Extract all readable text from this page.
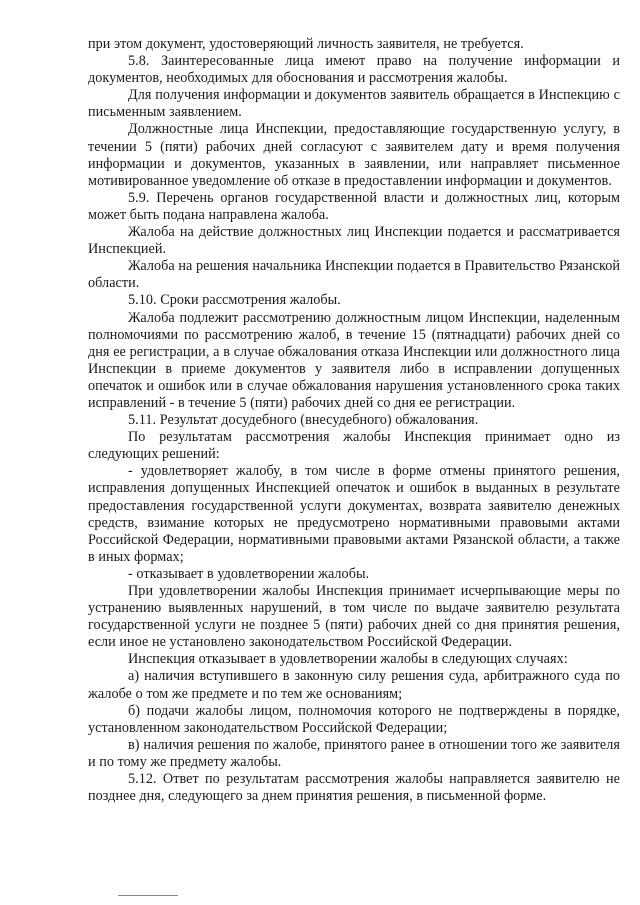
при этом документ, удостоверяющий личность заявителя, не требуется.

5.8. Заинтересованные лица имеют право на получение информации и документов, необходимых для обоснования и рассмотрения жалобы.

Для получения информации и документов заявитель обращается в Инспекцию с письменным заявлением.

Должностные лица Инспекции, предоставляющие государственную услугу, в течении 5 (пяти) рабочих дней согласуют с заявителем дату и время получения информации и документов, указанных в заявлении, или направляет письменное мотивированное уведомление об отказе в предоставлении информации и документов.

5.9. Перечень органов государственной власти и должностных лиц, которым может быть подана направлена жалоба.

Жалоба на действие должностных лиц Инспекции подается и рассматривается Инспекцией.

Жалоба на решения начальника Инспекции подается в Правительство Рязанской области.

5.10. Сроки рассмотрения жалобы.

Жалоба подлежит рассмотрению должностным лицом Инспекции, наделенным полномочиями по рассмотрению жалоб, в течение 15 (пятнадцати) рабочих дней со дня ее регистрации, а в случае обжалования отказа Инспекции или должностного лица Инспекции в приеме документов у заявителя либо в исправлении допущенных опечаток и ошибок или в случае обжалования нарушения установленного срока таких исправлений - в течение 5 (пяти) рабочих дней со дня ее регистрации.

5.11. Результат досудебного (внесудебного) обжалования.

По результатам рассмотрения жалобы Инспекция принимает одно из следующих решений:

- удовлетворяет жалобу, в том числе в форме отмены принятого решения, исправления допущенных Инспекцией опечаток и ошибок в выданных в результате предоставления государственной услуги документах, возврата заявителю денежных средств, взимание которых не предусмотрено нормативными правовыми актами Российской Федерации, нормативными правовыми актами Рязанской области, а также в иных формах;

- отказывает в удовлетворении жалобы.

При удовлетворении жалобы Инспекция принимает исчерпывающие меры по устранению выявленных нарушений, в том числе по выдаче заявителю результата государственной услуги не позднее 5 (пяти) рабочих дней со дня принятия решения, если иное не установлено законодательством Российской Федерации.

Инспекция отказывает в удовлетворении жалобы в следующих случаях:

а) наличия вступившего в законную силу решения суда, арбитражного суда по жалобе о том же предмете и по тем же основаниям;

б) подачи жалобы лицом, полномочия которого не подтверждены в порядке, установленном законодательством Российской Федерации;

в) наличия решения по жалобе, принятого ранее в отношении того же заявителя и по тому же предмету жалобы.

5.12. Ответ по результатам рассмотрения жалобы направляется заявителю не позднее дня, следующего за днем принятия решения, в письменной форме.
